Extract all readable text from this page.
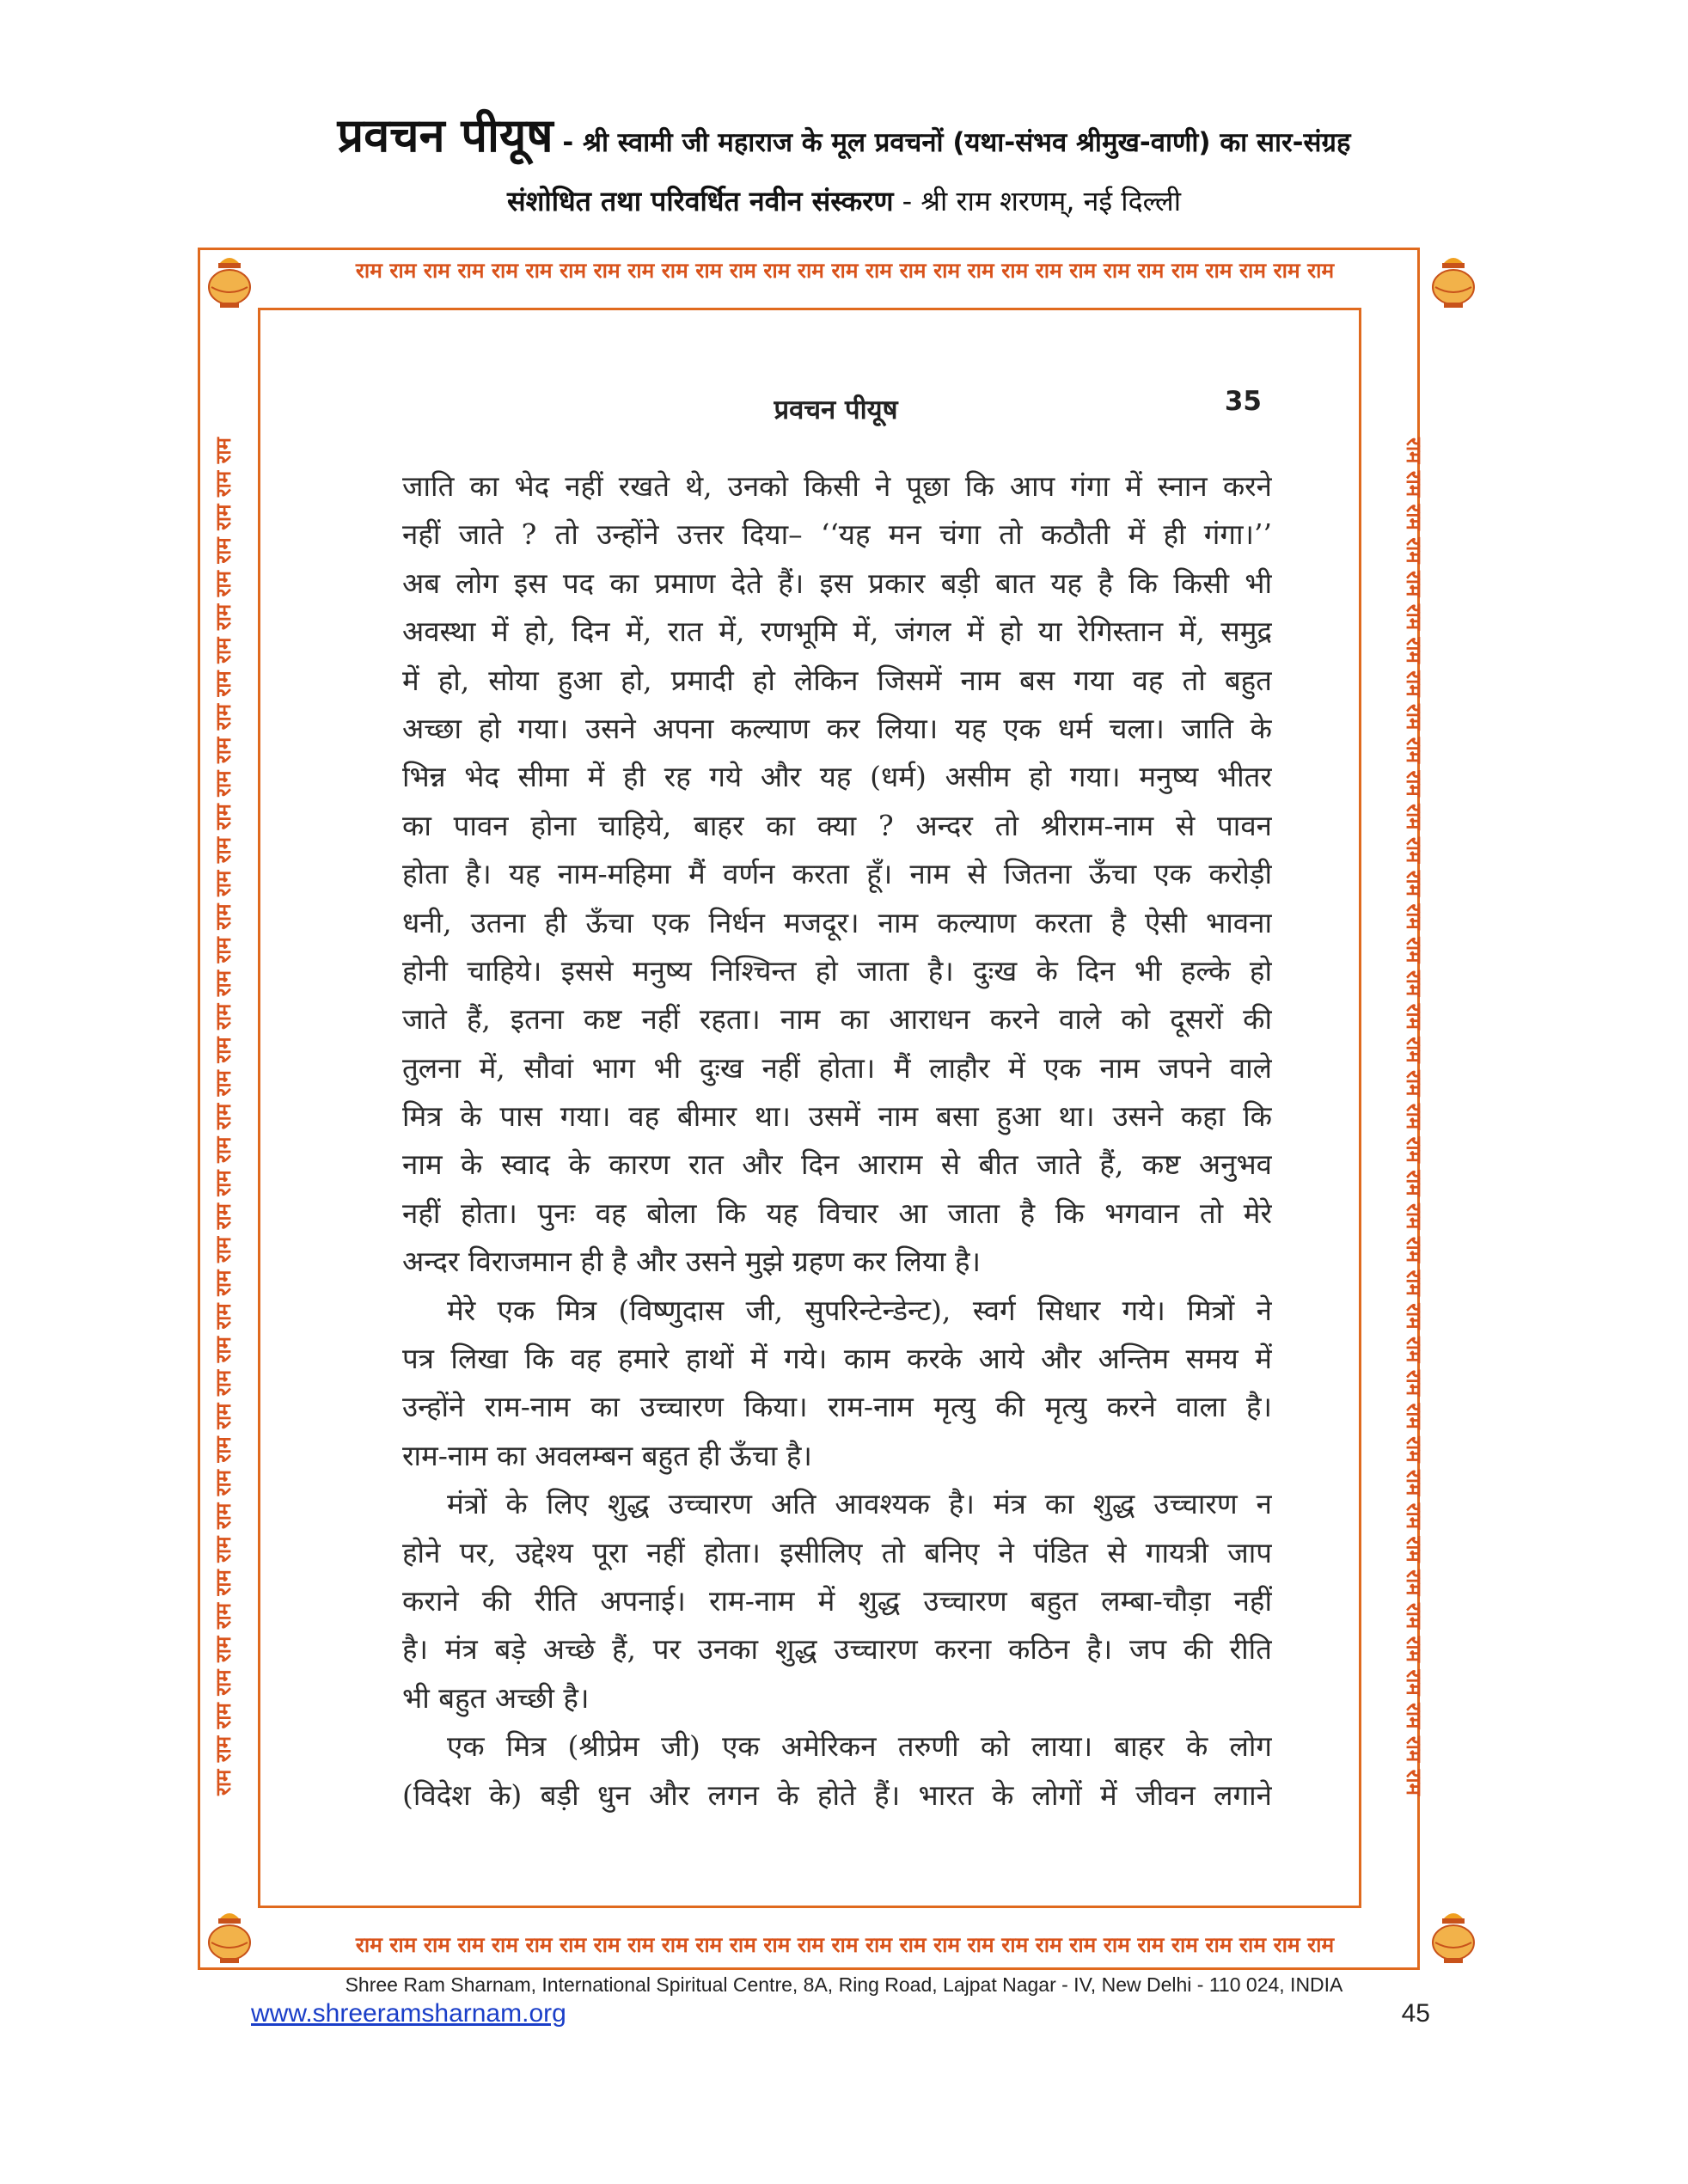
प्रवचन पीयूष - श्री स्वामी जी महाराज के मूल प्रवचनों (यथा-संभव श्रीमुख-वाणी) का सार-संग्रह
संशोधित तथा परिवर्धित नवीन संस्करण - श्री राम शरणम्, नई दिल्ली
राम राम राम राम राम राम राम राम राम राम राम राम राम राम राम राम राम राम राम राम राम राम राम राम राम राम राम राम राम
राम राम राम राम राम राम राम राम राम राम राम राम राम राम राम राम राम राम राम राम राम राम राम राम राम राम राम राम राम
राम राम राम राम राम राम राम राम राम राम राम राम राम राम राम राम राम राम राम राम राम राम राम राम राम राम राम राम राम राम राम राम राम राम राम राम राम राम राम राम राम	राम राम राम राम राम राम राम राम राम राम राम राम राम राम राम राम राम राम राम राम राम राम राम राम राम राम राम राम राम राम राम राम राम राम राम राम राम राम राम राम राम
प्रवचन पीयूष	35
जाति का भेद नहीं रखते थे, उनको किसी ने पूछा कि आप गंगा में स्नान करने
नहीं जाते ? तो उन्होंने उत्तर दिया– ‘‘यह मन चंगा तो कठौती में ही गंगा।’’
अब लोग इस पद का प्रमाण देते हैं। इस प्रकार बड़ी बात यह है कि किसी भी
अवस्था में हो, दिन में, रात में, रणभूमि में, जंगल में हो या रेगिस्तान में, समुद्र
में हो, सोया हुआ हो, प्रमादी हो लेकिन जिसमें नाम बस गया वह तो बहुत
अच्छा हो गया। उसने अपना कल्याण कर लिया। यह एक धर्म चला। जाति के
भिन्न भेद सीमा में ही रह गये और यह (धर्म) असीम हो गया। मनुष्य भीतर
का पावन होना चाहिये, बाहर का क्या ? अन्दर तो श्रीराम-नाम से पावन
होता है। यह नाम-महिमा मैं वर्णन करता हूँ। नाम से जितना ऊँचा एक करोड़ी
धनी, उतना ही ऊँचा एक निर्धन मजदूर। नाम कल्याण करता है ऐसी भावना
होनी चाहिये। इससे मनुष्य निश्चिन्त हो जाता है। दुःख के दिन भी हल्के हो
जाते हैं, इतना कष्ट नहीं रहता। नाम का आराधन करने वाले को दूसरों की
तुलना में, सौवां भाग भी दुःख नहीं होता। मैं लाहौर में एक नाम जपने वाले
मित्र के पास गया। वह बीमार था। उसमें नाम बसा हुआ था। उसने कहा कि
नाम के स्वाद के कारण रात और दिन आराम से बीत जाते हैं, कष्ट अनुभव
नहीं होता। पुनः वह बोला कि यह विचार आ जाता है कि भगवान तो मेरे
अन्दर विराजमान ही है और उसने मुझे ग्रहण कर लिया है।
मेरे एक मित्र (विष्णुदास जी, सुपरिन्टेन्डेन्ट), स्वर्ग सिधार गये। मित्रों ने
पत्र लिखा कि वह हमारे हाथों में गये। काम करके आये और अन्तिम समय में
उन्होंने राम-नाम का उच्चारण किया। राम-नाम मृत्यु की मृत्यु करने वाला है।
राम-नाम का अवलम्बन बहुत ही ऊँचा है।
मंत्रों के लिए शुद्ध उच्चारण अति आवश्यक है। मंत्र का शुद्ध उच्चारण न
होने पर, उद्देश्य पूरा नहीं होता। इसीलिए तो बनिए ने पंडित से गायत्री जाप
कराने की रीति अपनाई। राम-नाम में शुद्ध उच्चारण बहुत लम्बा-चौड़ा नहीं
है। मंत्र बड़े अच्छे हैं, पर उनका शुद्ध उच्चारण करना कठिन है। जप की रीति
भी बहुत अच्छी है।
एक मित्र (श्रीप्रेम जी) एक अमेरिकन तरुणी को लाया। बाहर के लोग
(विदेश के) बड़ी धुन और लगन के होते हैं। भारत के लोगों में जीवन लगाने
Shree Ram Sharnam, International Spiritual Centre, 8A, Ring Road, Lajpat Nagar - IV, New Delhi - 110 024, INDIA
www.shreeramsharnam.org	45
